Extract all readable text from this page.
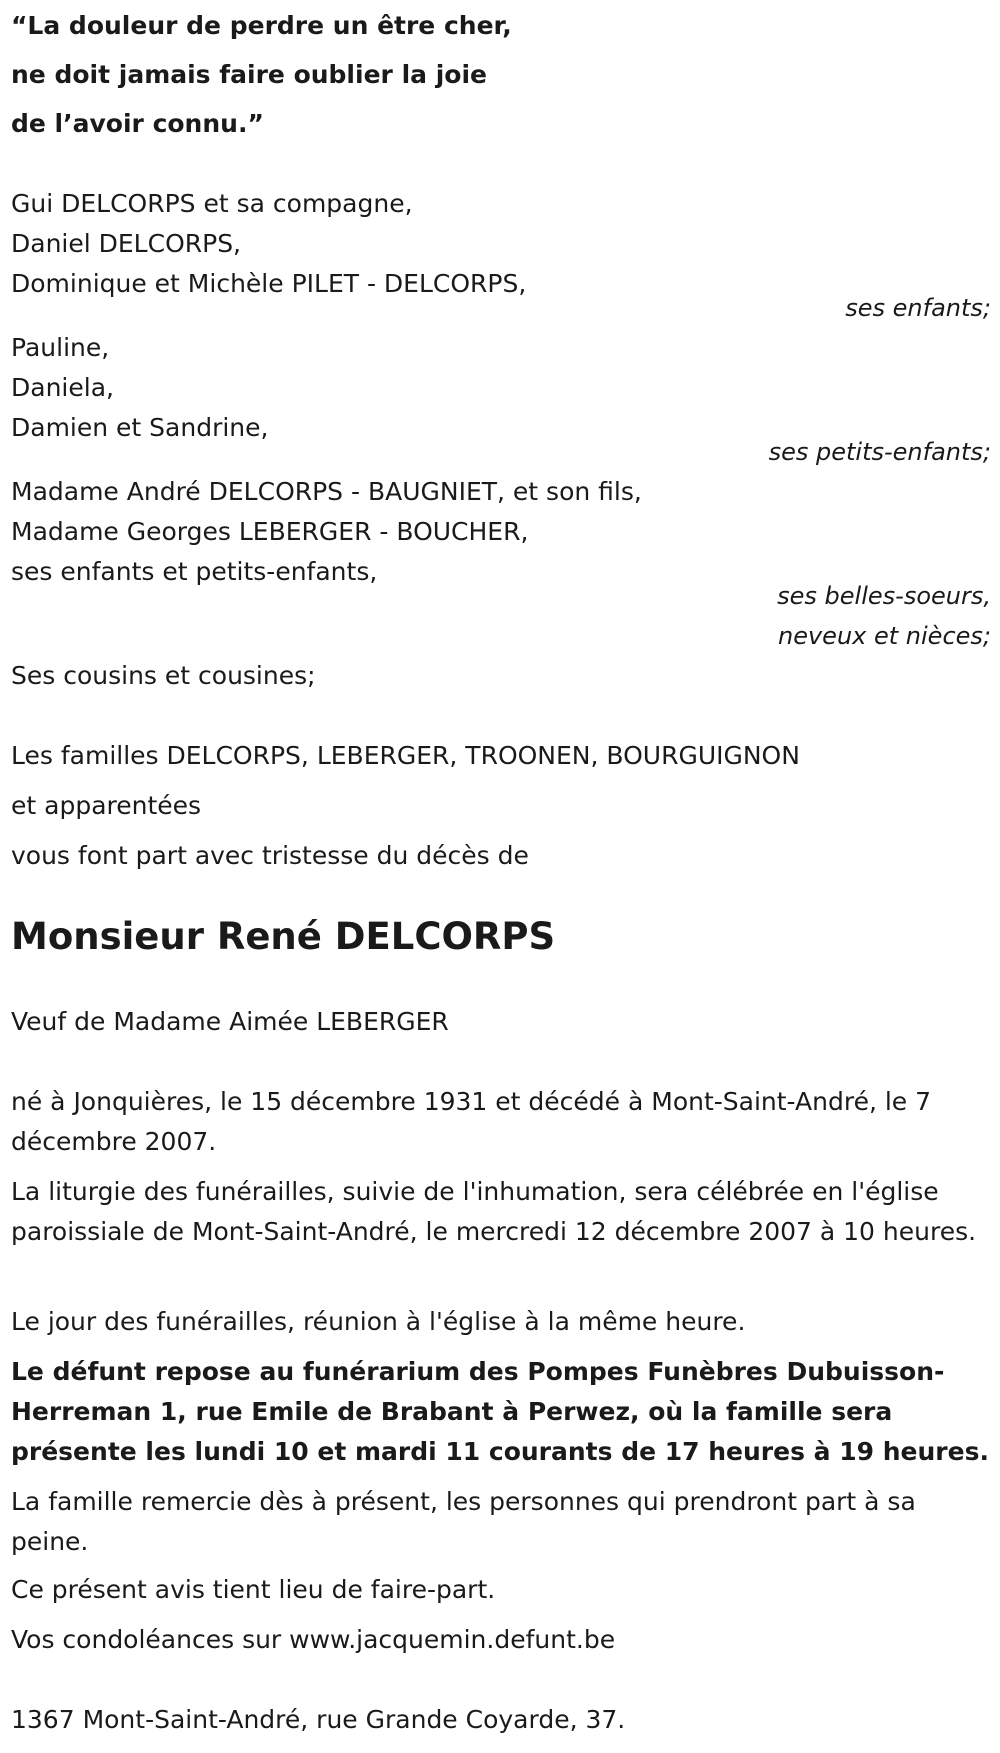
“La douleur de perdre un être cher,
ne doit jamais faire oublier la joie
de l’avoir connu.”
Gui DELCORPS et sa compagne,
Daniel DELCORPS,
Dominique et Michèle PILET - DELCORPS,
ses enfants;
Pauline,
Daniela,
Damien et Sandrine,
ses petits-enfants;
Madame André DELCORPS - BAUGNIET, et son fils,
Madame Georges LEBERGER - BOUCHER,
ses enfants et petits-enfants,
ses belles-soeurs,
neveux et nièces;
Ses cousins et cousines;
Les familles DELCORPS, LEBERGER, TROONEN, BOURGUIGNON
et apparentées
vous font part avec tristesse du décès de
Monsieur René DELCORPS
Veuf de Madame Aimée LEBERGER
né à Jonquières, le 15 décembre 1931 et décédé à Mont-Saint-André, le 7 décembre 2007.
La liturgie des funérailles, suivie de l'inhumation, sera célébrée en l'église paroissiale de Mont-Saint-André, le mercredi 12 décembre 2007 à 10 heures.
Le jour des funérailles, réunion à l'église à la même heure.
Le défunt repose au funérarium des Pompes Funèbres Dubuisson-Herreman 1, rue Emile de Brabant à Perwez, où la famille sera présente les lundi 10 et mardi 11 courants de 17 heures à 19 heures.
La famille remercie dès à présent, les personnes qui prendront part à sa peine.
Ce présent avis tient lieu de faire-part.
Vos condoléances sur www.jacquemin.defunt.be
1367 Mont-Saint-André, rue Grande Coyarde, 37.
